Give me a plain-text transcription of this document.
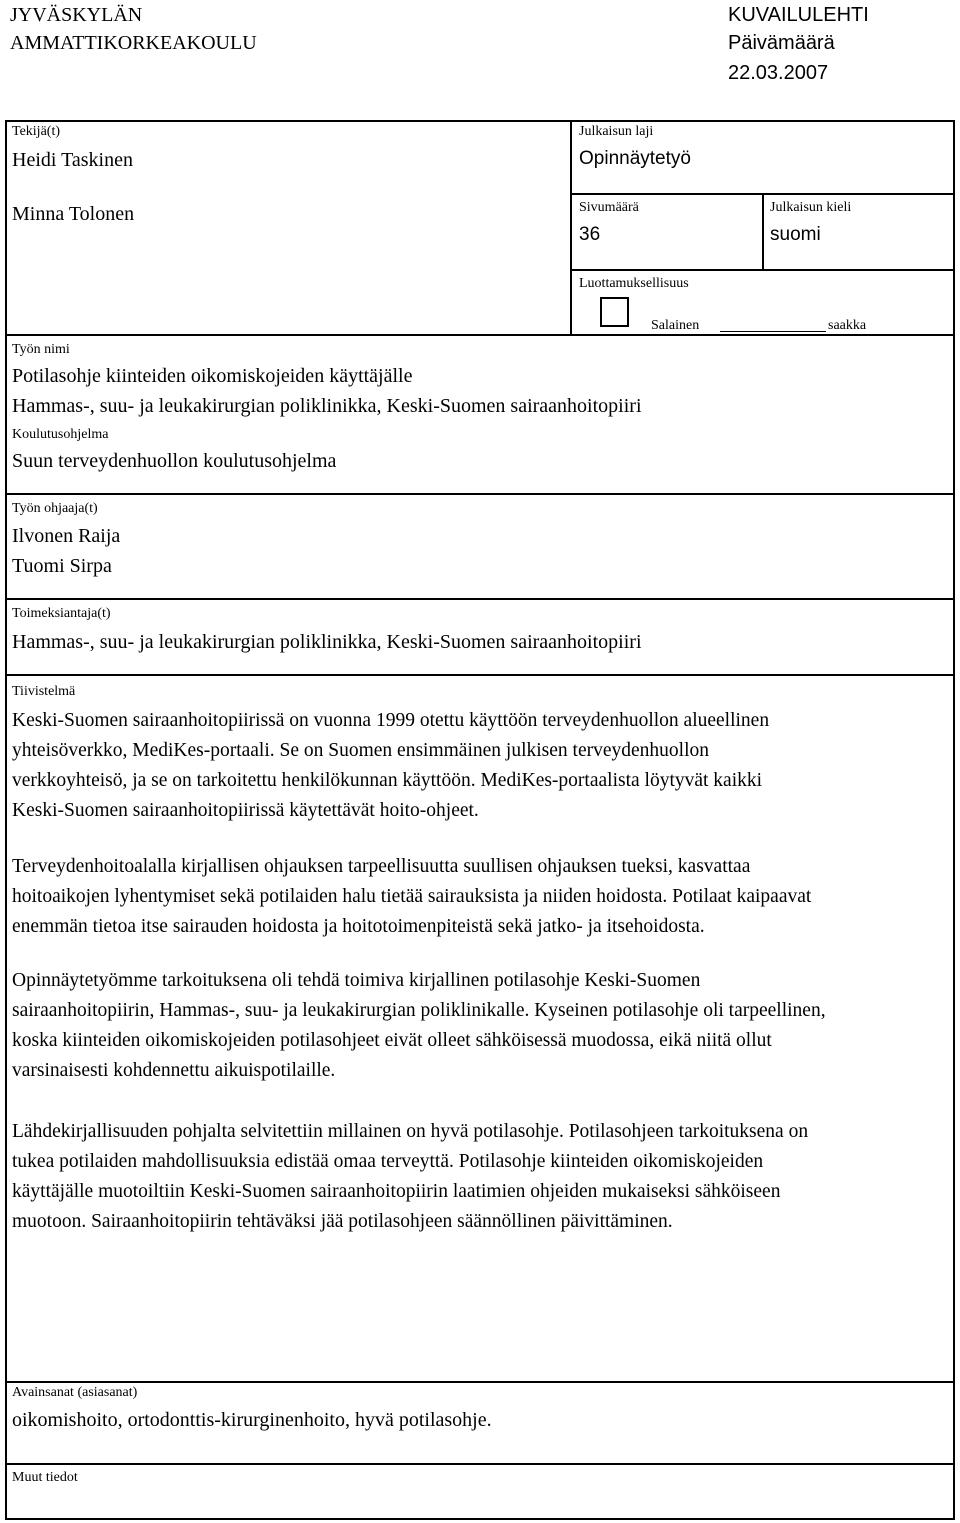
JYVÄSKYLÄN
AMMATTIKORKEAKOULU
KUVAILULEHTI
Päivämäärä
22.03.2007
Tekijä(t)
Heidi Taskinen
Minna Tolonen
Julkaisun laji
Opinnäytetyö
Sivumäärä
36
Julkaisun kieli
suomi
Luottamuksellisuus
Salainen	saakka
Työn nimi
Potilasohje kiinteiden oikomiskojeiden käyttäjälle
Hammas-, suu- ja leukakirurgian poliklinikka, Keski-Suomen sairaanhoitopiiri
Koulutusohjelma
Suun terveydenhuollon koulutusohjelma
Työn ohjaaja(t)
Ilvonen Raija
Tuomi Sirpa
Toimeksiantaja(t)
Hammas-, suu- ja leukakirurgian poliklinikka, Keski-Suomen sairaanhoitopiiri
Tiivistelmä
Keski-Suomen sairaanhoitopiirissä on vuonna 1999 otettu käyttöön terveydenhuollon alueellinen
yhteisöverkko, MediKes-portaali. Se on Suomen ensimmäinen julkisen terveydenhuollon
verkkoyhteisö, ja se on tarkoitettu henkilökunnan käyttöön. MediKes-portaalista löytyvät kaikki
Keski-Suomen sairaanhoitopiirissä käytettävät hoito-ohjeet.
Terveydenhoitoalalla kirjallisen ohjauksen tarpeellisuutta suullisen ohjauksen tueksi, kasvattaa
hoitoaikojen lyhentymiset sekä potilaiden halu tietää sairauksista ja niiden hoidosta. Potilaat kaipaavat
enemmän tietoa itse sairauden hoidosta ja hoitotoimenpiteistä sekä jatko- ja itsehoidosta.
Opinnäytetyömme tarkoituksena oli tehdä toimiva kirjallinen potilasohje Keski-Suomen
sairaanhoitopiirin, Hammas-, suu- ja leukakirurgian poliklinikalle. Kyseinen potilasohje oli tarpeellinen,
koska kiinteiden oikomiskojeiden potilasohjeet eivät olleet sähköisessä muodossa, eikä niitä ollut
varsinaisesti kohdennettu aikuispotilaille.
Lähdekirjallisuuden pohjalta selvitettiin millainen on hyvä potilasohje. Potilasohjeen tarkoituksena on
tukea potilaiden mahdollisuuksia edistää omaa terveyttä. Potilasohje kiinteiden oikomiskojeiden
käyttäjälle muotoiltiin Keski-Suomen sairaanhoitopiirin laatimien ohjeiden mukaiseksi sähköiseen
muotoon. Sairaanhoitopiirin tehtäväksi jää potilasohjeen säännöllinen päivittäminen.
Avainsanat (asiasanat)
oikomishoito, ortodonttis-kirurginenhoito, hyvä potilasohje.
Muut tiedot
